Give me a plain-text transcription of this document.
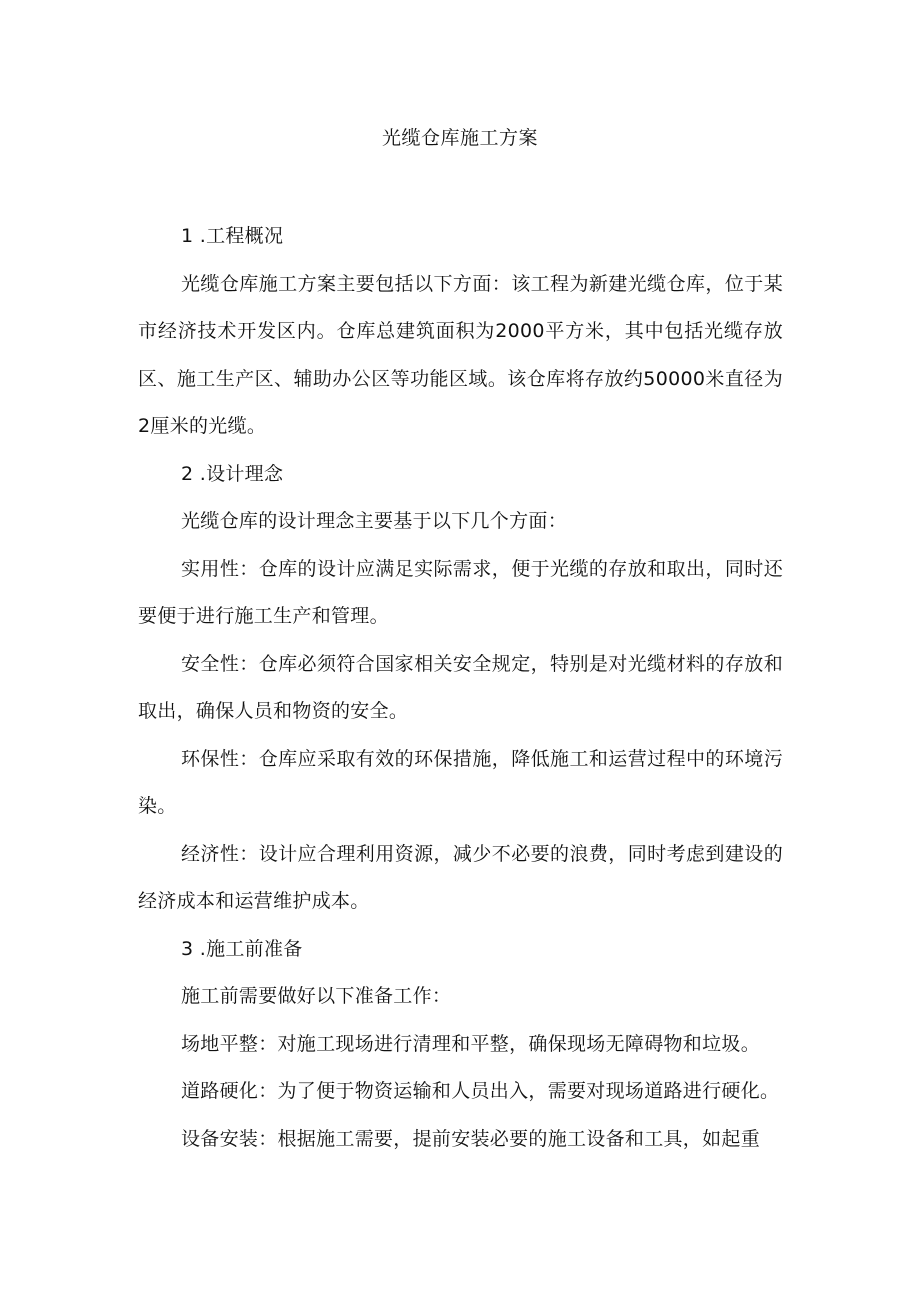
光缆仓库施工方案

1 .工程概况

光缆仓库施工方案主要包括以下方面：该工程为新建光缆仓库，位于某市经济技术开发区内。仓库总建筑面积为2000平方米，其中包括光缆存放区、施工生产区、辅助办公区等功能区域。该仓库将存放约50000米直径为2厘米的光缆。

2 .设计理念

光缆仓库的设计理念主要基于以下几个方面：

实用性：仓库的设计应满足实际需求，便于光缆的存放和取出，同时还要便于进行施工生产和管理。

安全性：仓库必须符合国家相关安全规定，特别是对光缆材料的存放和取出，确保人员和物资的安全。

环保性：仓库应采取有效的环保措施，降低施工和运营过程中的环境污染。

经济性：设计应合理利用资源，减少不必要的浪费，同时考虑到建设的经济成本和运营维护成本。

3 .施工前准备

施工前需要做好以下准备工作：

场地平整：对施工现场进行清理和平整，确保现场无障碍物和垃圾。

道路硬化：为了便于物资运输和人员出入，需要对现场道路进行硬化。

设备安装：根据施工需要，提前安装必要的施工设备和工具，如起重
